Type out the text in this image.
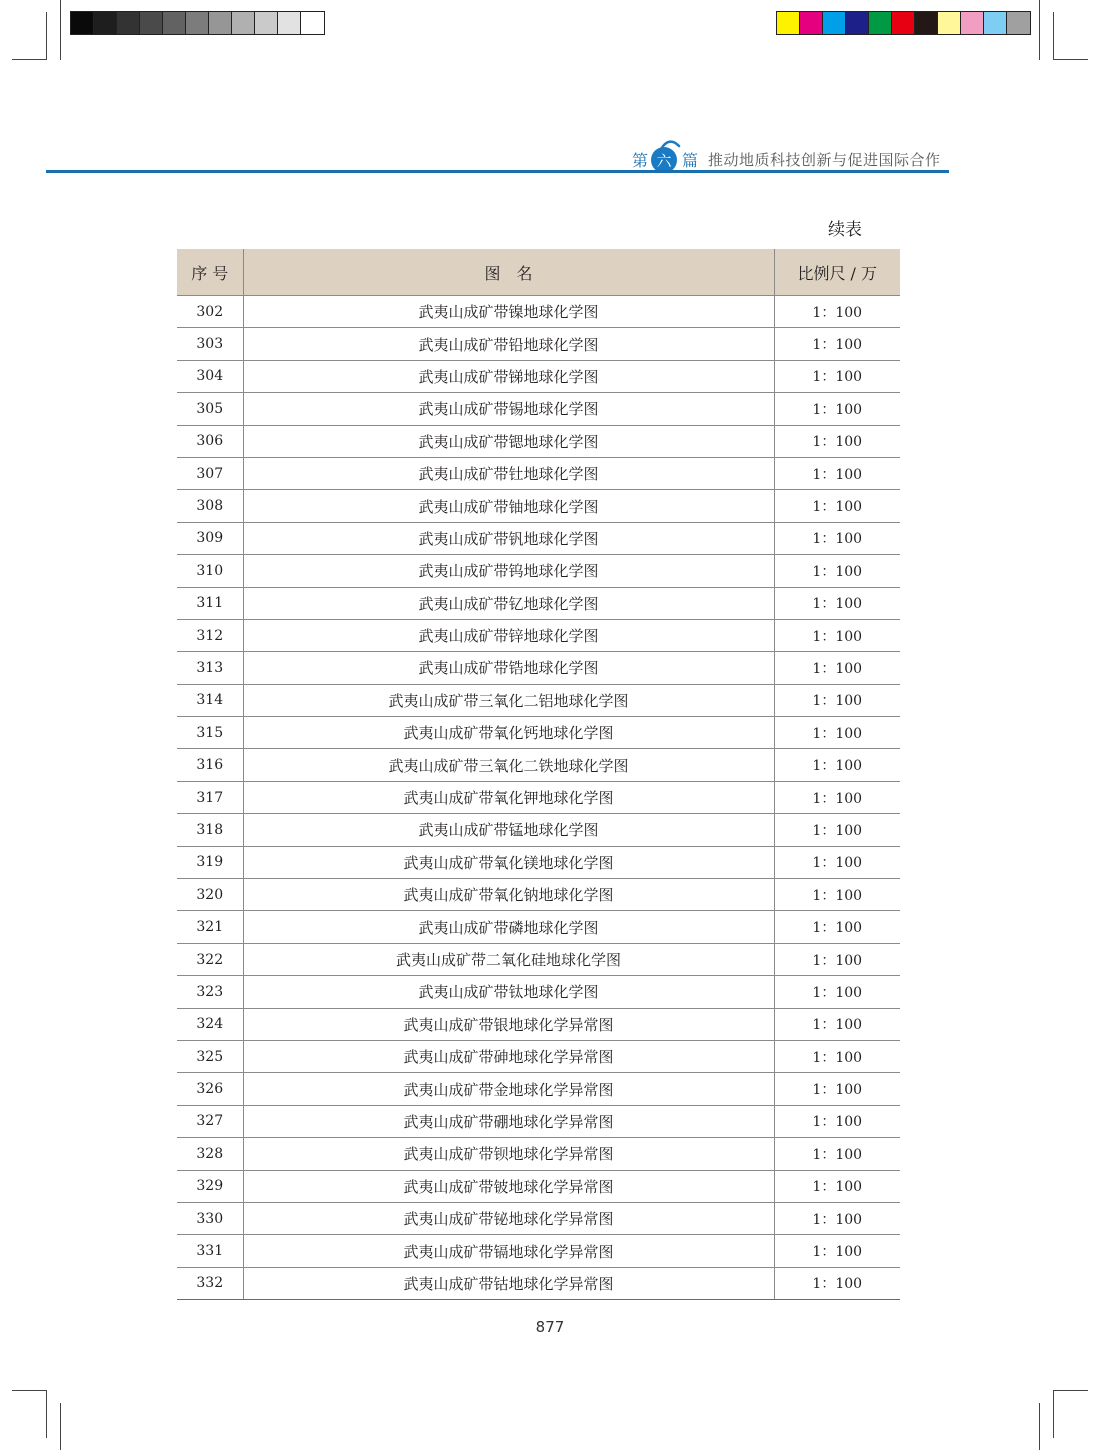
第 六 篇 推动地质科技创新与促进国际合作
续表
序 号	图　名	比例尺 / 万
302	武夷山成矿带镍地球化学图	1：100
303	武夷山成矿带铅地球化学图	1：100
304	武夷山成矿带锑地球化学图	1：100
305	武夷山成矿带锡地球化学图	1：100
306	武夷山成矿带锶地球化学图	1：100
307	武夷山成矿带钍地球化学图	1：100
308	武夷山成矿带铀地球化学图	1：100
309	武夷山成矿带钒地球化学图	1：100
310	武夷山成矿带钨地球化学图	1：100
311	武夷山成矿带钇地球化学图	1：100
312	武夷山成矿带锌地球化学图	1：100
313	武夷山成矿带锆地球化学图	1：100
314	武夷山成矿带三氧化二铝地球化学图	1：100
315	武夷山成矿带氧化钙地球化学图	1：100
316	武夷山成矿带三氧化二铁地球化学图	1：100
317	武夷山成矿带氧化钾地球化学图	1：100
318	武夷山成矿带锰地球化学图	1：100
319	武夷山成矿带氧化镁地球化学图	1：100
320	武夷山成矿带氧化钠地球化学图	1：100
321	武夷山成矿带磷地球化学图	1：100
322	武夷山成矿带二氧化硅地球化学图	1：100
323	武夷山成矿带钛地球化学图	1：100
324	武夷山成矿带银地球化学异常图	1：100
325	武夷山成矿带砷地球化学异常图	1：100
326	武夷山成矿带金地球化学异常图	1：100
327	武夷山成矿带硼地球化学异常图	1：100
328	武夷山成矿带钡地球化学异常图	1：100
329	武夷山成矿带铍地球化学异常图	1：100
330	武夷山成矿带铋地球化学异常图	1：100
331	武夷山成矿带镉地球化学异常图	1：100
332	武夷山成矿带钴地球化学异常图	1：100
877
